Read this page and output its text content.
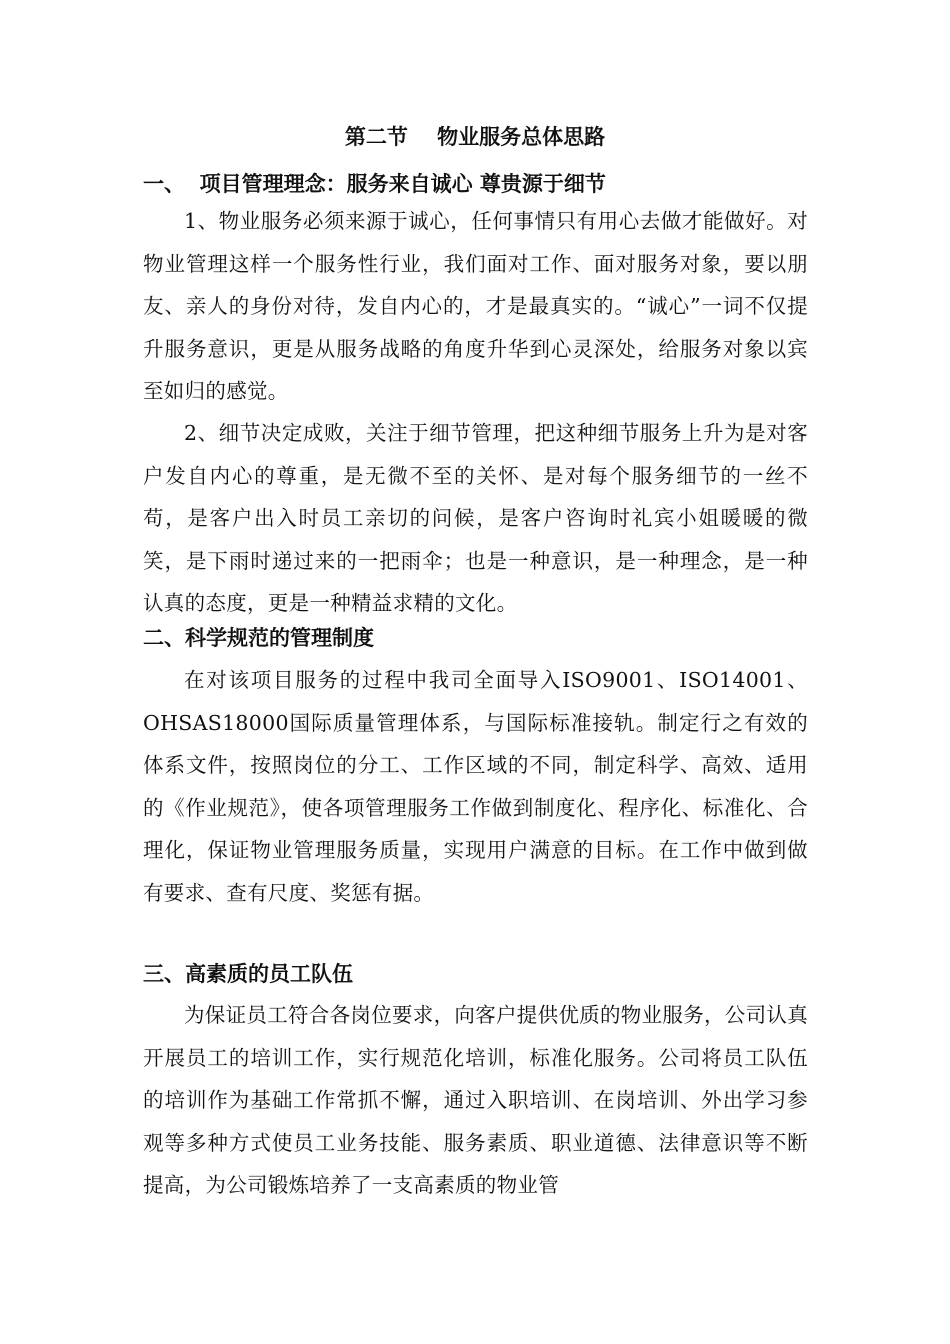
第二节    物业服务总体思路
一、  项目管理理念：服务来自诚心 尊贵源于细节
1、物业服务必须来源于诚心，任何事情只有用心去做才能做好。对物业管理这样一个服务性行业，我们面对工作、面对服务对象，要以朋友、亲人的身份对待，发自内心的，才是最真实的。“诚心”一词不仅提升服务意识，更是从服务战略的角度升华到心灵深处，给服务对象以宾至如归的感觉。
2、细节决定成败，关注于细节管理，把这种细节服务上升为是对客户发自内心的尊重，是无微不至的关怀、是对每个服务细节的一丝不苟，是客户出入时员工亲切的问候，是客户咨询时礼宾小姐暖暖的微笑，是下雨时递过来的一把雨伞；也是一种意识，是一种理念，是一种认真的态度，更是一种精益求精的文化。
二、科学规范的管理制度
在对该项目服务的过程中我司全面导入ISO9001、ISO14001、OHSAS18000国际质量管理体系，与国际标准接轨。制定行之有效的体系文件，按照岗位的分工、工作区域的不同，制定科学、高效、适用的《作业规范》，使各项管理服务工作做到制度化、程序化、标准化、合理化，保证物业管理服务质量，实现用户满意的目标。在工作中做到做有要求、查有尺度、奖惩有据。
三、高素质的员工队伍
为保证员工符合各岗位要求，向客户提供优质的物业服务，公司认真开展员工的培训工作，实行规范化培训，标准化服务。公司将员工队伍的培训作为基础工作常抓不懈，通过入职培训、在岗培训、外出学习参观等多种方式使员工业务技能、服务素质、职业道德、法律意识等不断提高，为公司锻炼培养了一支高素质的物业管
